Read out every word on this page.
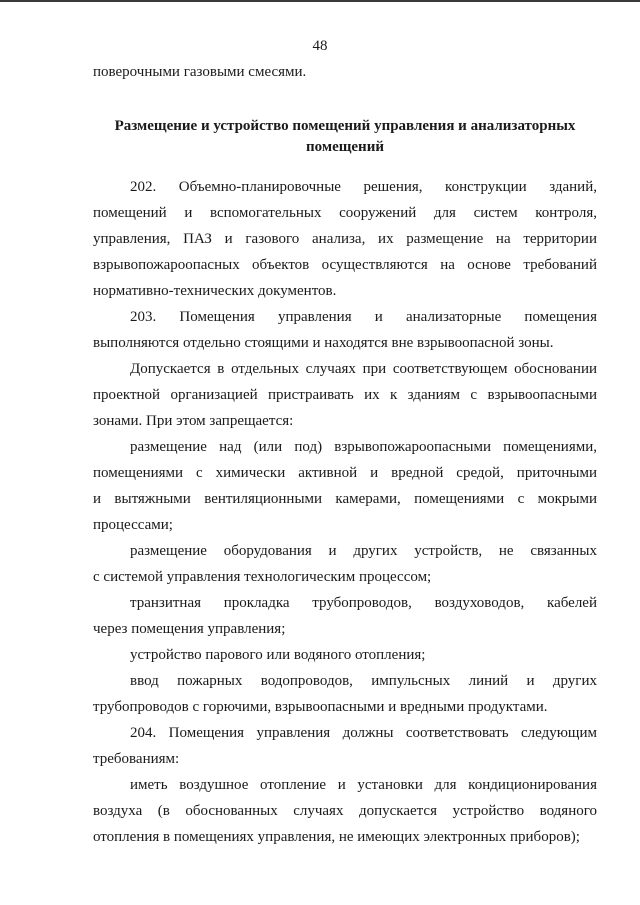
48
поверочными газовыми смесями.
Размещение и устройство помещений управления и анализаторных
помещений
202. Объемно-планировочные решения, конструкции зданий,
помещений и вспомогательных сооружений для систем контроля,
управления, ПАЗ и газового анализа, их размещение на территории
взрывопожароопасных объектов осуществляются на основе требований
нормативно-технических документов.
203. Помещения управления и анализаторные помещения
выполняются отдельно стоящими и находятся вне взрывоопасной зоны.
Допускается в отдельных случаях при соответствующем обосновании
проектной организацией пристраивать их к зданиям с взрывоопасными
зонами. При этом запрещается:
размещение над (или под) взрывопожароопасными помещениями,
помещениями с химически активной и вредной средой, приточными
и вытяжными вентиляционными камерами, помещениями с мокрыми
процессами;
размещение оборудования и других устройств, не связанных
с системой управления технологическим процессом;
транзитная прокладка трубопроводов, воздуховодов, кабелей
через помещения управления;
устройство парового или водяного отопления;
ввод пожарных водопроводов, импульсных линий и других
трубопроводов с горючими, взрывоопасными и вредными продуктами.
204. Помещения управления должны соответствовать следующим
требованиям:
иметь воздушное отопление и установки для кондиционирования
воздуха (в обоснованных случаях допускается устройство водяного
отопления в помещениях управления, не имеющих электронных приборов);
